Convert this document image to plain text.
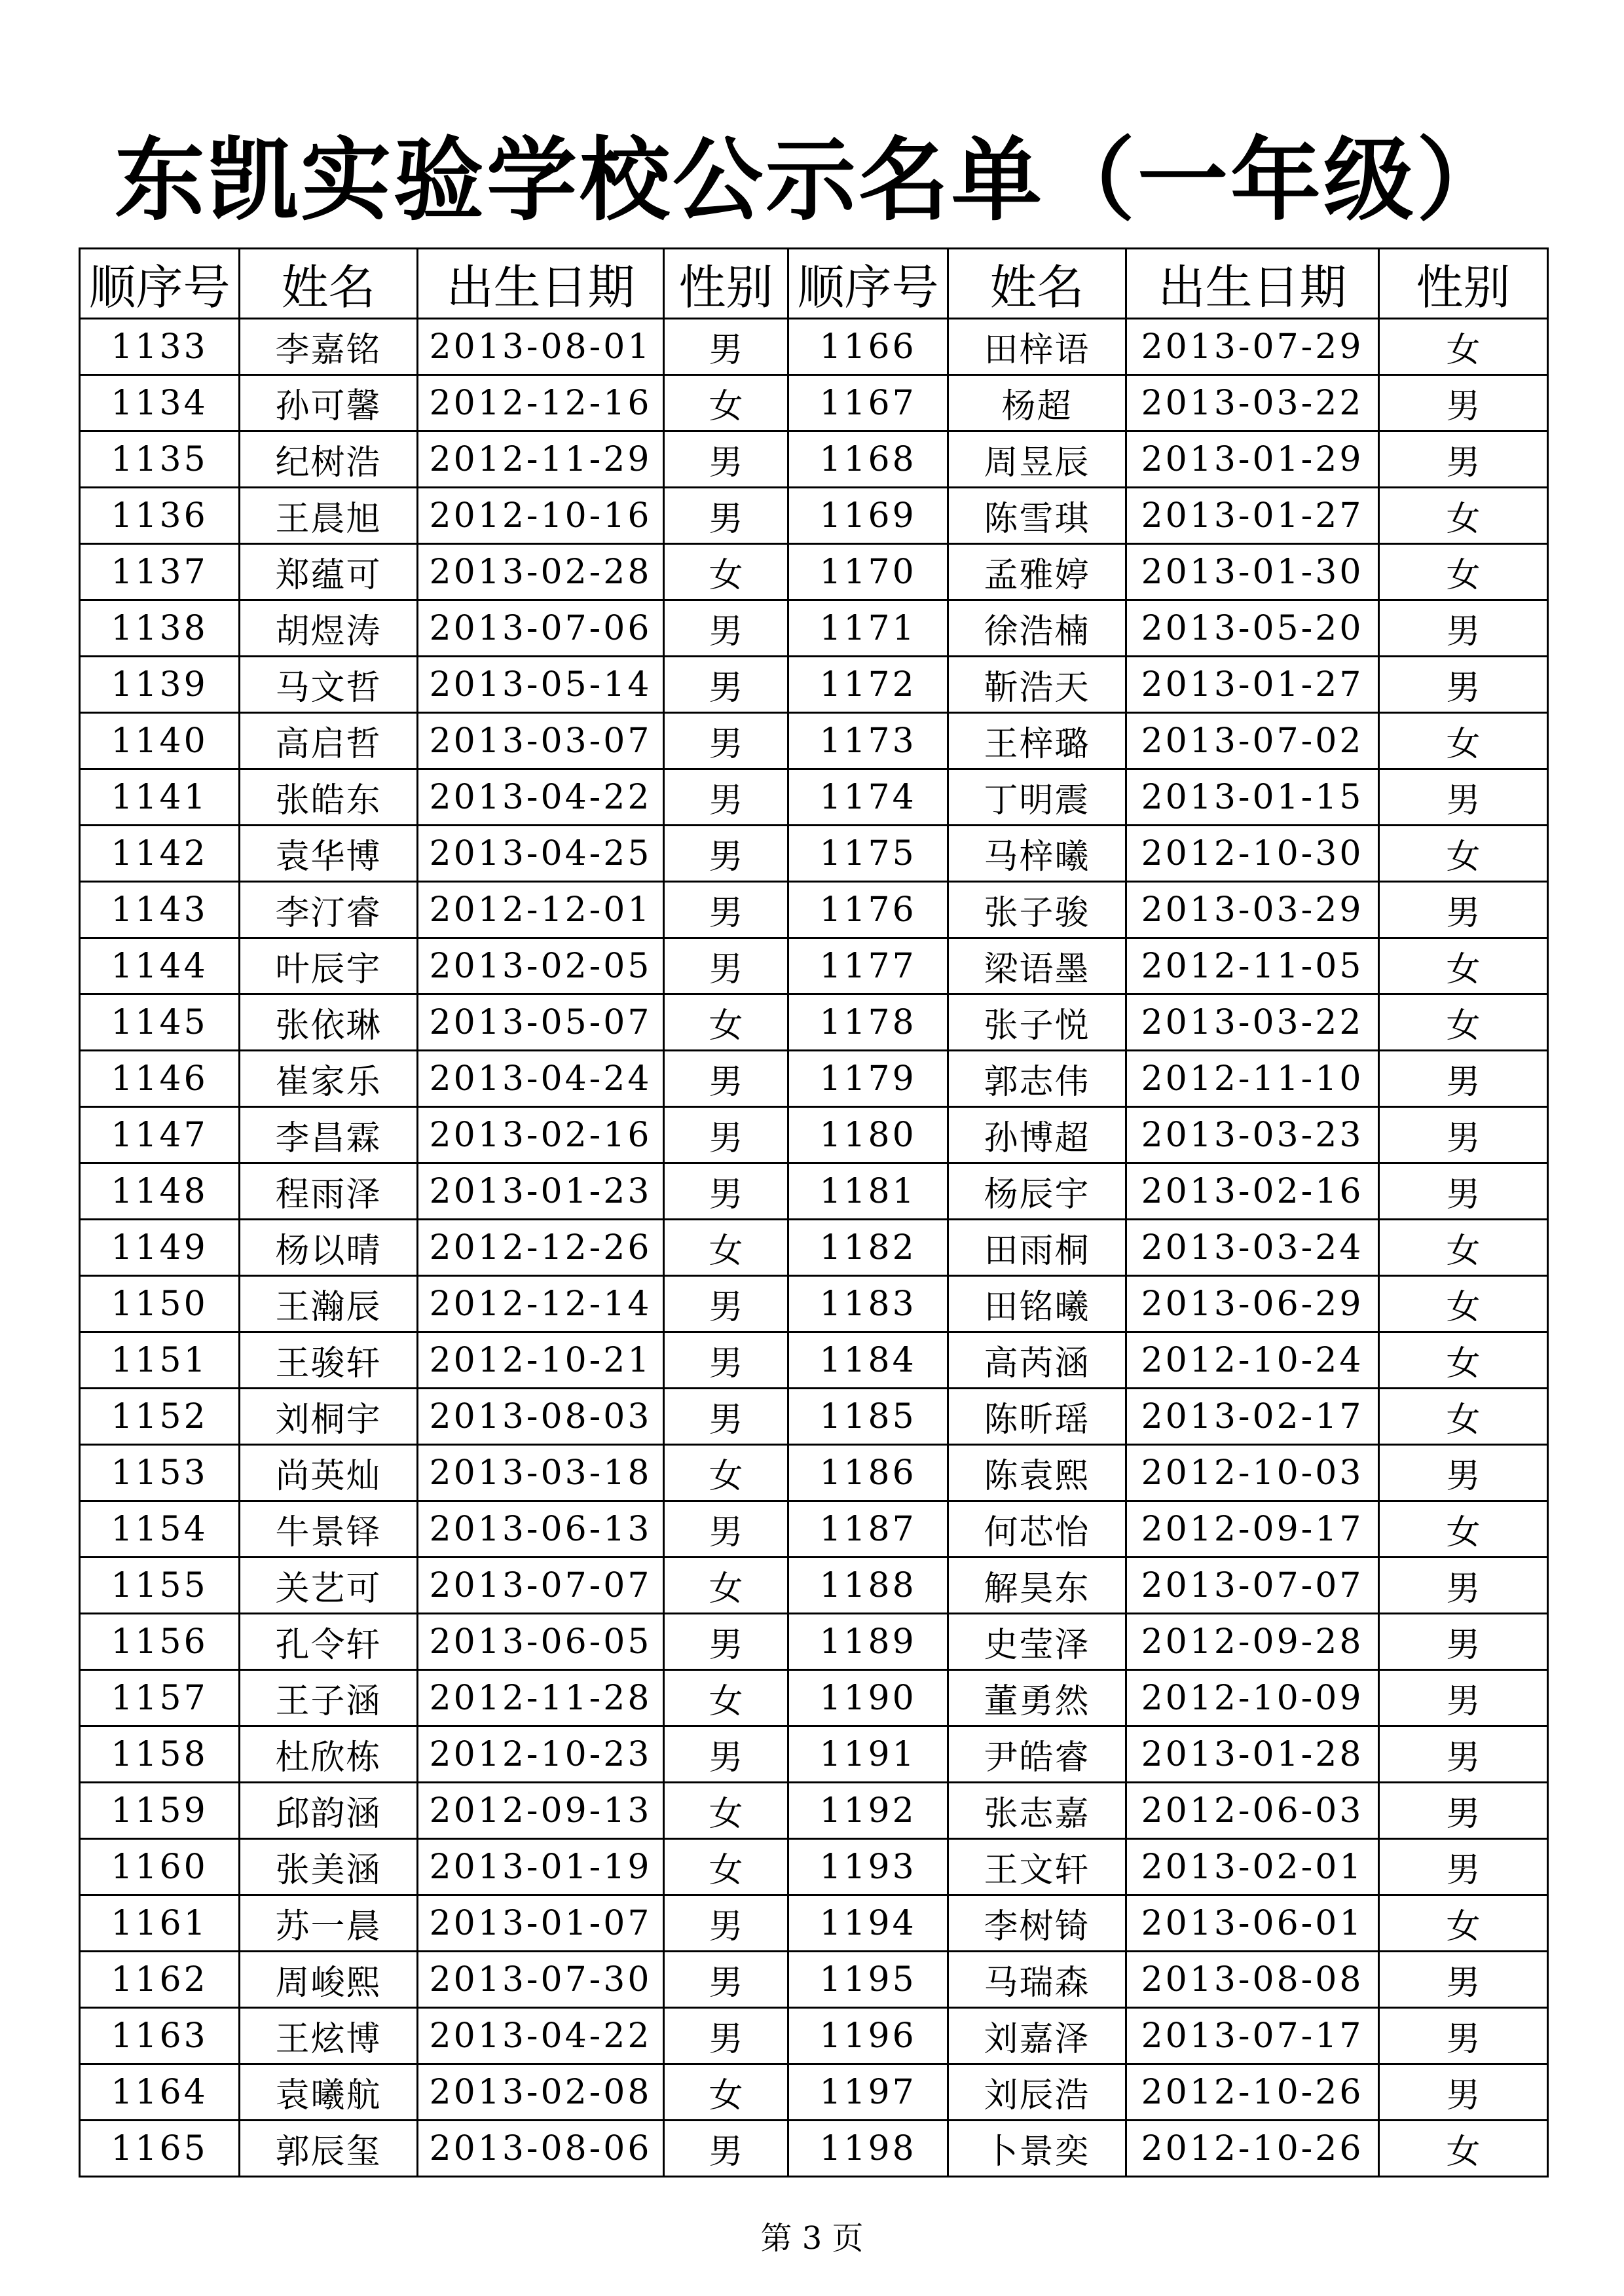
东凯实验学校公示名单（一年级）
顺序号	姓名	出生日期	性别	顺序号	姓名	出生日期	性别
1133	李嘉铭	2013-08-01	男	1166	田梓语	2013-07-29	女
1134	孙可馨	2012-12-16	女	1167	杨超	2013-03-22	男
1135	纪树浩	2012-11-29	男	1168	周昱辰	2013-01-29	男
1136	王晨旭	2012-10-16	男	1169	陈雪琪	2013-01-27	女
1137	郑蕴可	2013-02-28	女	1170	孟雅婷	2013-01-30	女
1138	胡煜涛	2013-07-06	男	1171	徐浩楠	2013-05-20	男
1139	马文哲	2013-05-14	男	1172	靳浩天	2013-01-27	男
1140	高启哲	2013-03-07	男	1173	王梓璐	2013-07-02	女
1141	张皓东	2013-04-22	男	1174	丁明震	2013-01-15	男
1142	袁华博	2013-04-25	男	1175	马梓曦	2012-10-30	女
1143	李汀睿	2012-12-01	男	1176	张子骏	2013-03-29	男
1144	叶辰宇	2013-02-05	男	1177	梁语墨	2012-11-05	女
1145	张依琳	2013-05-07	女	1178	张子悦	2013-03-22	女
1146	崔家乐	2013-04-24	男	1179	郭志伟	2012-11-10	男
1147	李昌霖	2013-02-16	男	1180	孙博超	2013-03-23	男
1148	程雨泽	2013-01-23	男	1181	杨辰宇	2013-02-16	男
1149	杨以晴	2012-12-26	女	1182	田雨桐	2013-03-24	女
1150	王瀚辰	2012-12-14	男	1183	田铭曦	2013-06-29	女
1151	王骏轩	2012-10-21	男	1184	高芮涵	2012-10-24	女
1152	刘桐宇	2013-08-03	男	1185	陈昕瑶	2013-02-17	女
1153	尚英灿	2013-03-18	女	1186	陈袁熙	2012-10-03	男
1154	牛景铎	2013-06-13	男	1187	何芯怡	2012-09-17	女
1155	关艺可	2013-07-07	女	1188	解昊东	2013-07-07	男
1156	孔令轩	2013-06-05	男	1189	史莹泽	2012-09-28	男
1157	王子涵	2012-11-28	女	1190	董勇然	2012-10-09	男
1158	杜欣栋	2012-10-23	男	1191	尹皓睿	2013-01-28	男
1159	邱韵涵	2012-09-13	女	1192	张志嘉	2012-06-03	男
1160	张美涵	2013-01-19	女	1193	王文轩	2013-02-01	男
1161	苏一晨	2013-01-07	男	1194	李树锜	2013-06-01	女
1162	周峻熙	2013-07-30	男	1195	马瑞森	2013-08-08	男
1163	王炫博	2013-04-22	男	1196	刘嘉泽	2013-07-17	男
1164	袁曦航	2013-02-08	女	1197	刘辰浩	2012-10-26	男
1165	郭辰玺	2013-08-06	男	1198	卜景奕	2012-10-26	女
第 3 页
